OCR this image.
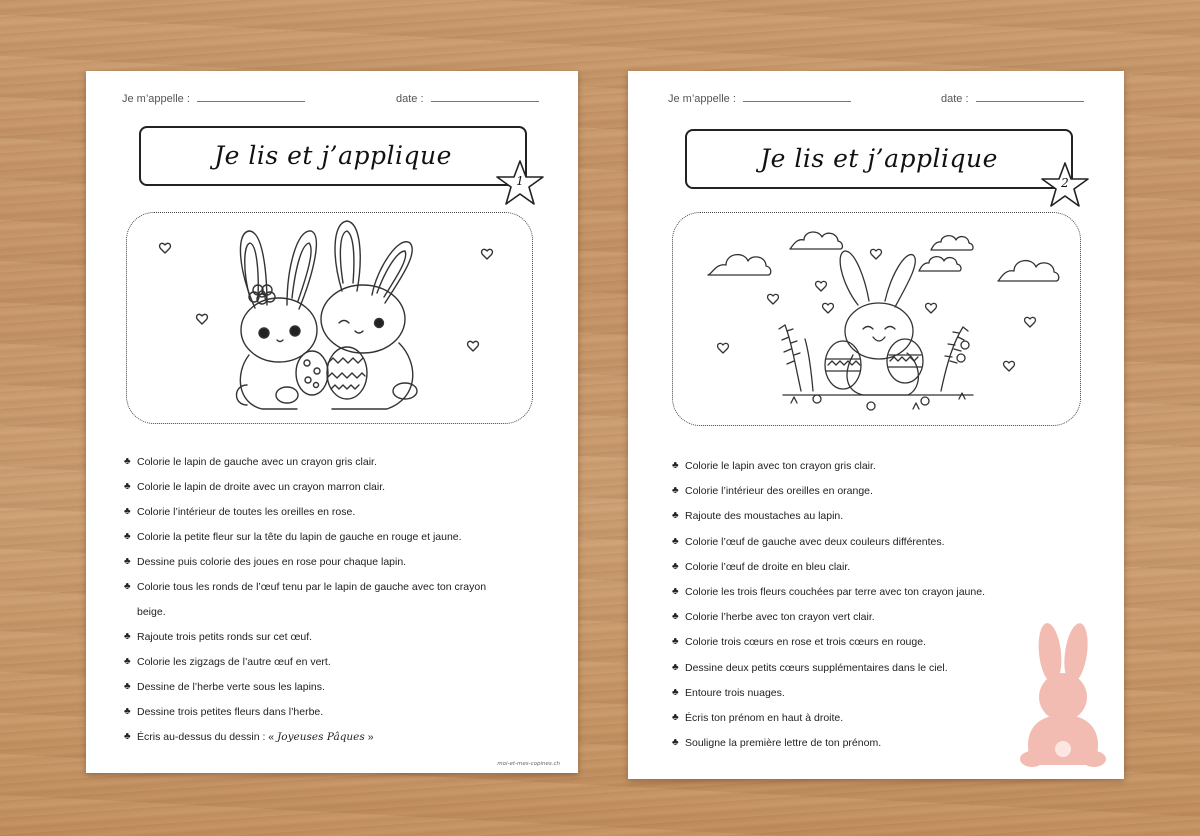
Je m’appelle :	date :
Je lis et j’applique
1
♣ Colorie le lapin de gauche avec un crayon gris clair.
♣ Colorie le lapin de droite avec un crayon marron clair.
♣ Colorie l’intérieur de toutes les oreilles en rose.
♣ Colorie la petite fleur sur la tête du lapin de gauche en rouge et jaune.
♣ Dessine puis colorie des joues en rose pour chaque lapin.
♣ Colorie tous les ronds de l’œuf tenu par le lapin de gauche avec ton crayon
beige.
♣ Rajoute trois petits ronds sur cet œuf.
♣ Colorie les zigzags de l’autre œuf en vert.
♣ Dessine de l’herbe verte sous les lapins.
♣ Dessine trois petites fleurs dans l’herbe.
♣ Écris au-dessus du dessin : « Joyeuses Pâques »
moi-et-mes-copines.ch
Je m’appelle :	date :
Je lis et j’applique
2
♣ Colorie le lapin avec ton crayon gris clair.
♣ Colorie l’intérieur des oreilles en orange.
♣ Rajoute des moustaches au lapin.
♣ Colorie l’œuf de gauche avec deux couleurs différentes.
♣ Colorie l’œuf de droite en bleu clair.
♣ Colorie les trois fleurs couchées par terre avec ton crayon jaune.
♣ Colorie l’herbe avec ton crayon vert clair.
♣ Colorie trois cœurs en rose et trois cœurs en rouge.
♣ Dessine deux petits cœurs supplémentaires dans le ciel.
♣ Entoure trois nuages.
♣ Écris ton prénom en haut à droite.
♣ Souligne la première lettre de ton prénom.
